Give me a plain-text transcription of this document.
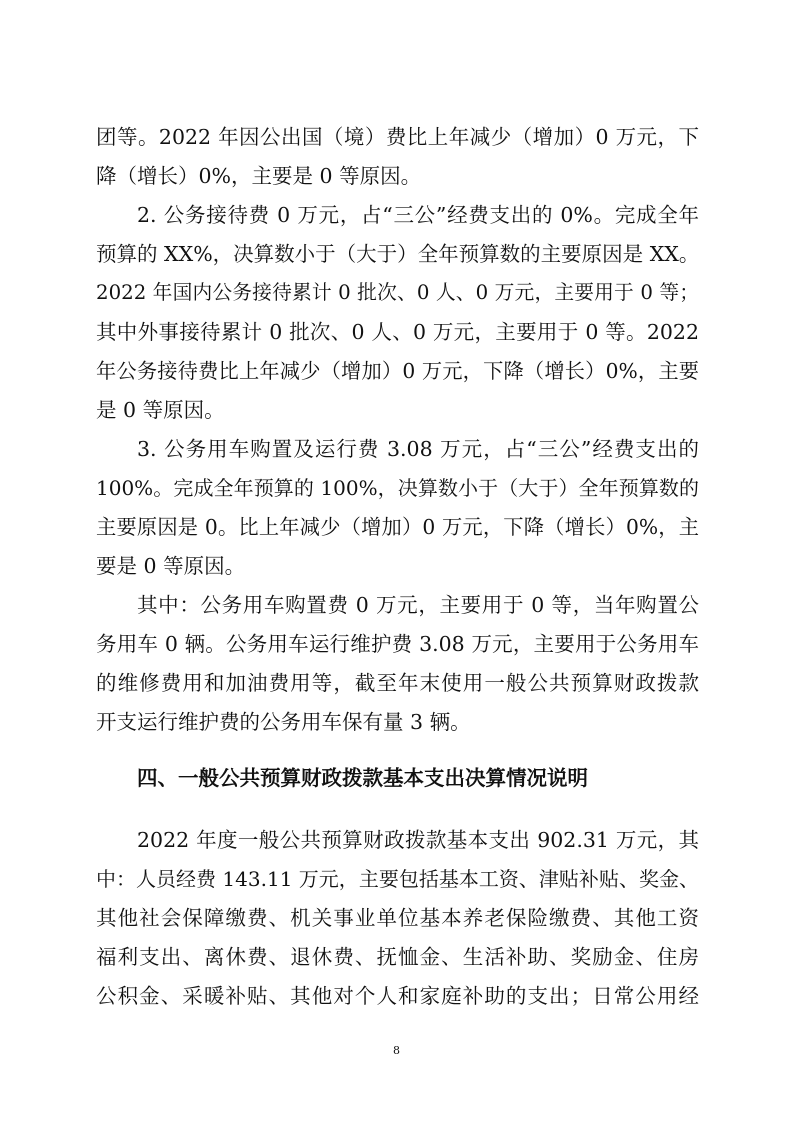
团等。2022 年因公出国（境）费比上年减少（增加）0 万元，下
降（增长）0%，主要是 0 等原因。
2. 公务接待费 0 万元，占“三公”经费支出的 0%。完成全年
预算的 XX%，决算数小于（大于）全年预算数的主要原因是 XX。
2022 年国内公务接待累计 0 批次、0 人、0 万元，主要用于 0 等；
其中外事接待累计 0 批次、0 人、0 万元，主要用于 0 等。2022
年公务接待费比上年减少（增加）0 万元，下降（增长）0%，主要
是 0 等原因。
3. 公务用车购置及运行费 3.08 万元，占“三公”经费支出的
100%。完成全年预算的 100%，决算数小于（大于）全年预算数的
主要原因是 0。比上年减少（增加）0 万元，下降（增长）0%，主
要是 0 等原因。
其中：公务用车购置费 0 万元，主要用于 0 等，当年购置公
务用车 0 辆。公务用车运行维护费 3.08 万元，主要用于公务用车
的维修费用和加油费用等，截至年末使用一般公共预算财政拨款
开支运行维护费的公务用车保有量 3 辆。
四、一般公共预算财政拨款基本支出决算情况说明
2022 年度一般公共预算财政拨款基本支出 902.31 万元，其
中：人员经费 143.11 万元，主要包括基本工资、津贴补贴、奖金、
其他社会保障缴费、机关事业单位基本养老保险缴费、其他工资
福利支出、离休费、退休费、抚恤金、生活补助、奖励金、住房
公积金、采暖补贴、其他对个人和家庭补助的支出；日常公用经
8
